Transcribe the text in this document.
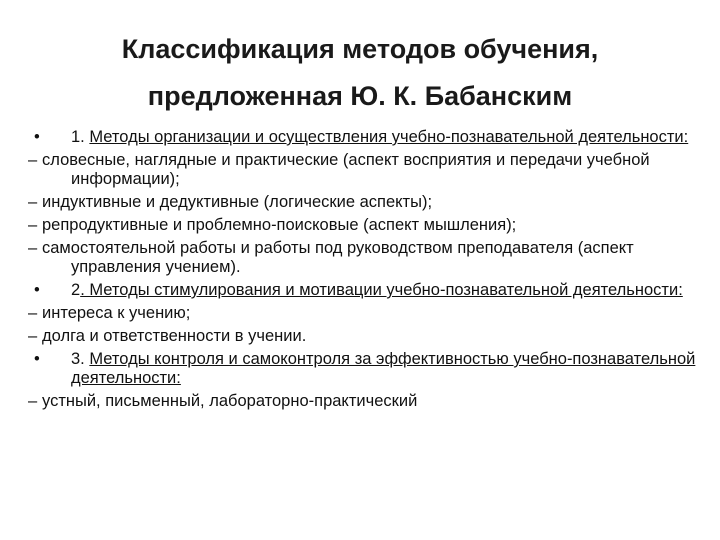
Классификация методов обучения,
предложенная Ю. К. Бабанским
• 1. Методы организации и осуществления учебно-познавательной деятельности:
– словесные, наглядные и практические (аспект восприятия и передачи учебной информации);
– индуктивные и дедуктивные (логические аспекты);
– репродуктивные и проблемно-поисковые (аспект мышления);
– самостоятельной работы и работы под руководством преподавателя (аспект управления учением).
• 2. Методы стимулирования и мотивации учебно-познавательной деятельности:
– интереса к учению;
– долга и ответственности в учении.
• 3. Методы контроля и самоконтроля за эффективностью учебно-познавательной деятельности:
– устный, письменный, лабораторно-практический
